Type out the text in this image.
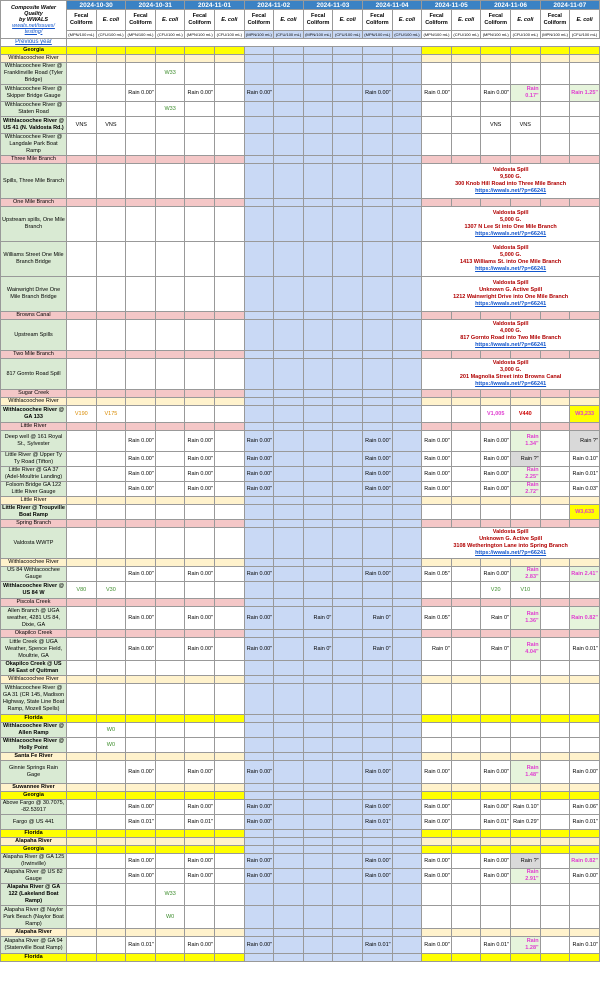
Composite Water
Quality
by WWALS
wwals.net/issues/
testing/	2024-10-30		2024-10-31		2024-11-01		2024-11-02		2024-11-03		2024-11-04		2024-11-05		2024-11-06		2024-11-07	
	Fecal Coliform	E. coli	Fecal Coliform	E. coli	Fecal Coliform	E. coli	Fecal Coliform	E. coli	Fecal Coliform	E. coli	Fecal Coliform	E. coli	Fecal Coliform	E. coli	Fecal Coliform	E. coli	Fecal Coliform	E. coli
	(MPN/100 mL)	(CFU/100 mL)	(MPN/100 mL)	(CFU/100 mL)	(MPN/100 mL)	(CFU/100 mL)	(MPN/100 mL)	(CFU/100 mL)	(MPN/100 mL)	(CFU/100 mL)	(MPN/100 mL)	(CFU/100 mL)	(MPN/100 mL)	(CFU/100 mL)	(MPN/100 mL)	(CFU/100 mL)	(MPN/100 mL)	(CFU/100 mL)
Previous year																		
Georgia																		
Withlacoochee River																		
Withlacoochee River @ Franklinville Road (Tyler Bridge)				W33														
Withlacoochee River @ Skipper Bridge Gauge			Rain 0.00"		Rain 0.00"		Rain 0.00"				Rain 0.00"		Rain 0.00"		Rain 0.00"	Rain 0.17"		Rain 1.25"
Withlacoochee River @ Staten Road				W33														
Withlacoochee River @ US 41 (N. Valdosta Rd.)	VNS	VNS													VNS	VNS		
Withlacoochee River @ Langdale Park Boat Ramp																		
Three Mile Branch																		
Spills, Three Mile Branch													Valdosta Spill
9,500 G.
300 Knob Hill Road into Three Mile Branch
https://wwals.net/?p=66241					

One Mile Branch																		
Upstream spills, One Mile Branch													Valdosta Spill
5,000 G.
1307 N Lee St into One Mile Branch
https://wwals.net/?p=66241					

Williams Street One Mile Branch Bridge													Valdosta Spill
5,000 G.
1413 Williams St. into One Mile Branch
https://wwals.net/?p=66241					

Wainwright Drive One Mile Branch Bridge													Valdosta Spill
Unknown G. Active Spill
1212 Wainwright Drive into One Mile Branch
https://wwals.net/?p=66241					

Browns Canal																		
Upstream Spills													Valdosta Spill
4,000 G.
817 Gornto Road into Two Mile Branch
https://wwals.net/?p=66241					

Two Mile Branch																		
817 Gornto Road Spill													Valdosta Spill
3,000 G.
201 Magnolia Street into Browns Canal
https://wwals.net/?p=66241					

Sugar Creek																		
Withlacoochee River																		
Withlacoochee River @ GA 133	V190	V175													V1,005	V440		W3,233
Little River																		
Deep well @ 161 Royal St., Sylvester			Rain 0.00"		Rain 0.00"		Rain 0.00"				Rain 0.00"		Rain 0.00"		Rain 0.00"	Rain 1.34"		Rain ?"
Little River @ Upper Ty Ty Road (Tifton)			Rain 0.00"		Rain 0.00"		Rain 0.00"				Rain 0.00"		Rain 0.00"		Rain 0.00"	Rain ?"		Rain 0.10"
Little River @ GA 37 (Adel-Moultrie Landing)			Rain 0.00"		Rain 0.00"		Rain 0.00"				Rain 0.00"		Rain 0.00"		Rain 0.00"	Rain 2.25"		Rain 0.01"
Folsom Bridge GA 122 Little River Gauge			Rain 0.00"		Rain 0.00"		Rain 0.00"				Rain 0.00"		Rain 0.00"		Rain 0.00"	Rain 2.72"		Rain 0.03"
Little River																		
Little River @ Troupville Boat Ramp																		W3,633
Spring Branch																		
Valdosta WWTP													Valdosta Spill
Unknown G. Active Spill
3108 Wetherington Lane into Spring Branch
https://wwals.net/?p=66241					

Withlacoochee River																		
US 84 Withlacoochee Gauge			Rain 0.00"		Rain 0.00"		Rain 0.00"				Rain 0.00"		Rain 0.05"		Rain 0.00"	Rain 2.83"		Rain 2.41"
Withlacoochee River @ US 84 W	V80	V30													V20	V10		
Piscola Creek																		
Allen Branch @ UGA weather, 4281 US 84, Dixie, GA			Rain 0.00"		Rain 0.00"		Rain 0.00"		Rain 0"		Rain 0"		Rain 0.05"		Rain 0"	Rain 1.36"		Rain 0.82"
Okapilco Creek																		
Little Creek @ UGA Weather, Spence Field, Moultrie, GA			Rain 0.00"		Rain 0.00"		Rain 0.00"		Rain 0"		Rain 0"		Rain 0"		Rain 0"	Rain 4.04"		Rain 0.01"
Okapilco Creek @ US 84 East of Quitman																		
Withlacoochee River																		
Withlacoochee River @ GA 31 (CR 145, Madison Highway, State Line Boat Ramp, Mozell Spells)																		
Florida																		
Withlacoochee River @ Allen Ramp		W0																
Withlacoochee River @ Holly Point		W0																
Santa Fe River																		
Ginnie Springs Rain Gage			Rain 0.00"		Rain 0.00"		Rain 0.00"				Rain 0.00"		Rain 0.00"		Rain 0.00"	Rain 1.48"		Rain 0.00"
Suwannee River																		
Georgia																		
Above Fargo @ 30.7075, -82.53917			Rain 0.00"		Rain 0.00"		Rain 0.00"				Rain 0.00"		Rain 0.00"		Rain 0.00"	Rain 0.10"		Rain 0.06"
Fargo @ US 441			Rain 0.01"		Rain 0.01"		Rain 0.00"				Rain 0.01"		Rain 0.00"		Rain 0.01"	Rain 0.29"		Rain 0.01"
Florida																		
Alapaha River																		
Georgia																		
Alapaha River @ GA 125 (Irwinville)			Rain 0.00"		Rain 0.00"		Rain 0.00"				Rain 0.00"		Rain 0.00"		Rain 0.00"	Rain ?"		Rain 0.82"
Alapaha River @ US 82 Gauge			Rain 0.00"		Rain 0.00"		Rain 0.00"				Rain 0.00"		Rain 0.00"		Rain 0.00"	Rain 2.91"		Rain 0.00"
Alapaha River @ GA 122 (Lakeland Boat Ramp)				W33														
Alapaha River @ Naylor Park Beach (Naylor Boat Ramp)				W0														
Alapaha River																		
Alapaha River @ GA 94 (Statenville Boat Ramp)			Rain 0.01"		Rain 0.00"		Rain 0.00"				Rain 0.01"		Rain 0.00"		Rain 0.01"	Rain 1.28"		Rain 0.10"
Florida																		
